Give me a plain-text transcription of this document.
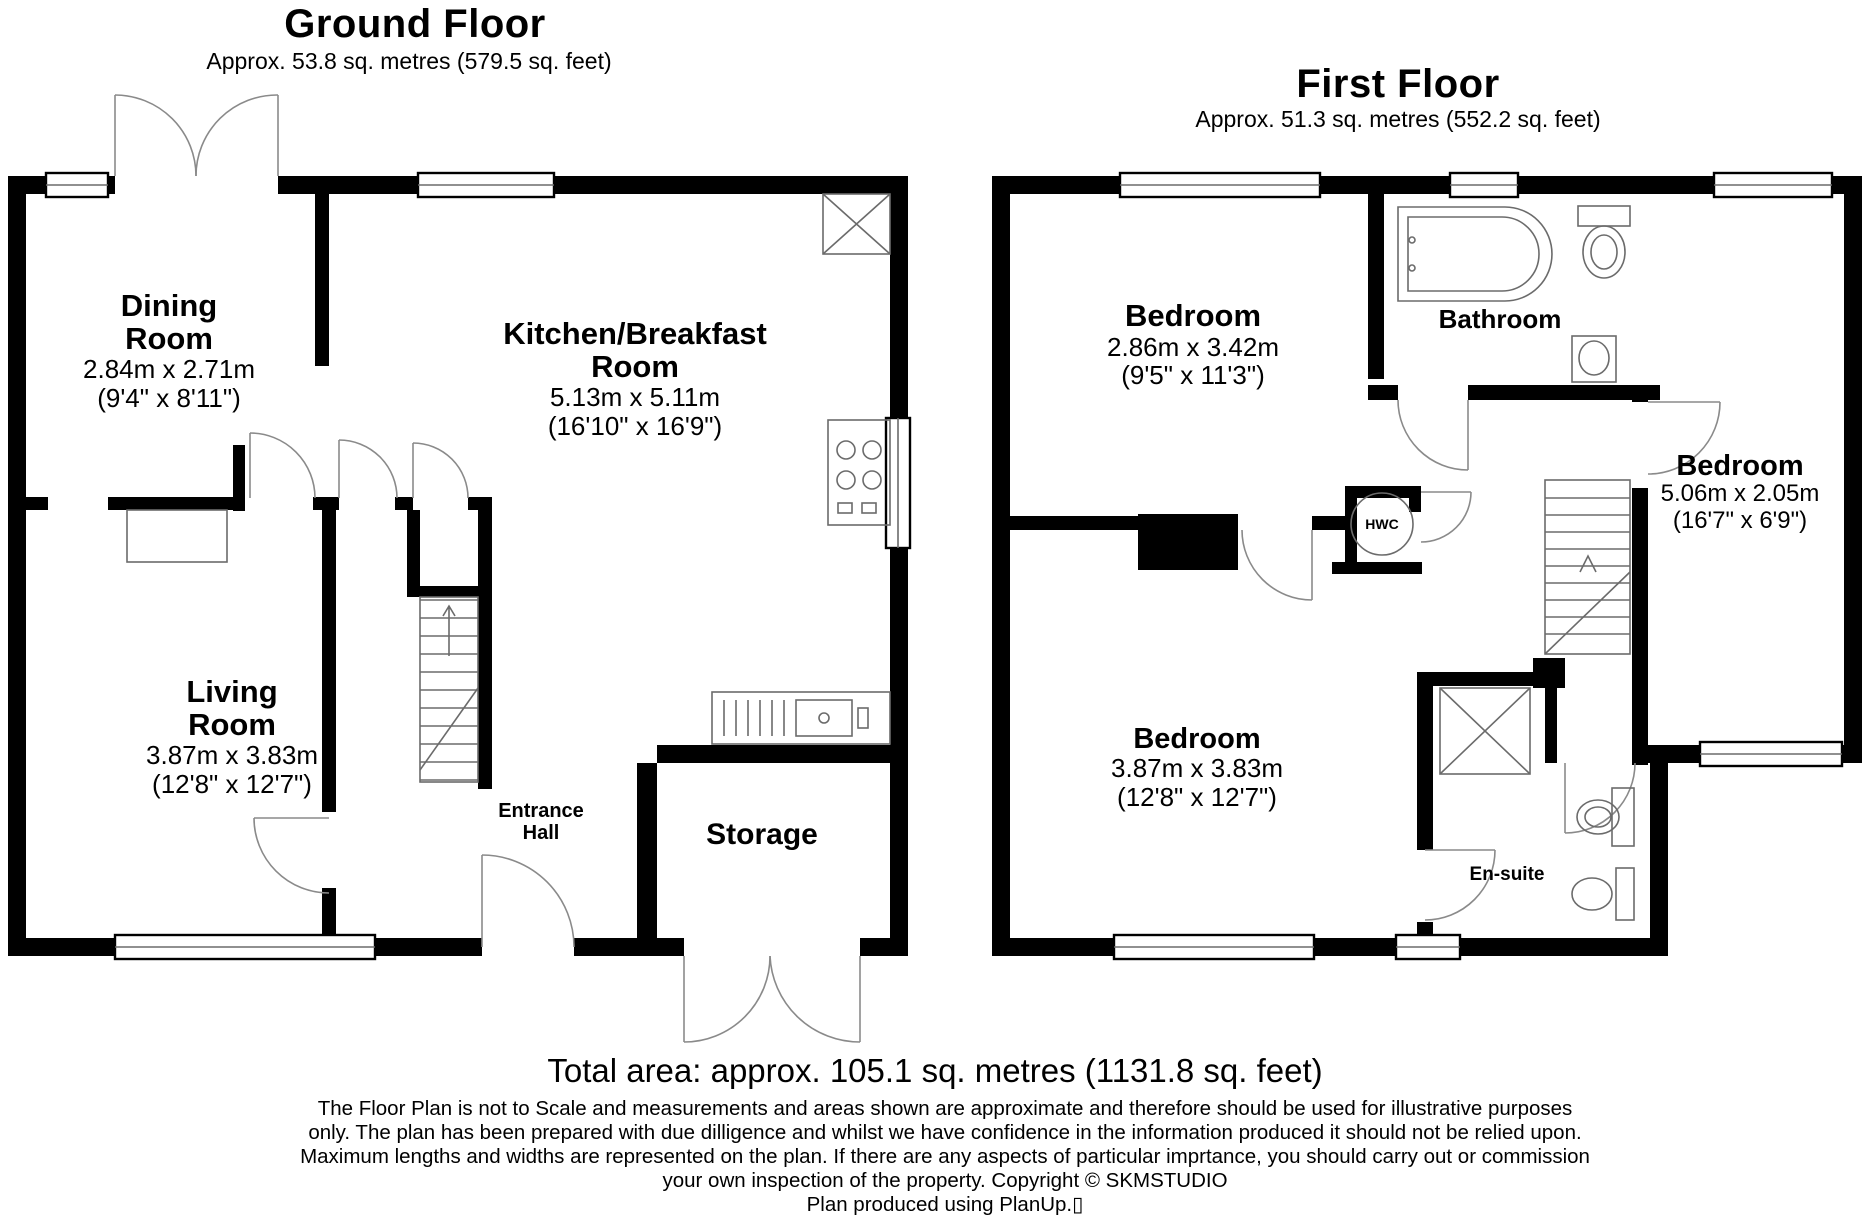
Ground Floor
Approx. 53.8 sq. metres (579.5 sq. feet)
Dining Room
2.84m x 2.71m
(9'4" x 8'11")
Kitchen/Breakfast Room
5.13m x 5.11m
(16'10" x 16'9")
Living Room
3.87m x 3.83m
(12'8" x 12'7")
Entrance Hall	Storage
First Floor
Approx. 51.3 sq. metres (552.2 sq. feet)
Bedroom
2.86m x 3.42m
(9'5" x 11'3")
Bathroom
Bedroom
5.06m x 2.05m
(16'7" x 6'9")
Bedroom
3.87m x 3.83m
(12'8" x 12'7")
En-suite
HWC
Total area: approx. 105.1 sq. metres (1131.8 sq. feet)
The Floor Plan is not to Scale and measurements and areas shown are approximate and therefore should be used for illustrative purposes
only. The plan has been prepared with due dilligence and whilst we have confidence in the information produced it should not be relied upon.
Maximum lengths and widths are represented on the plan. If there are any aspects of particular imprtance, you should carry out or commission
your own inspection of the property. Copyright © SKMSTUDIO
Plan produced using PlanUp.▯
